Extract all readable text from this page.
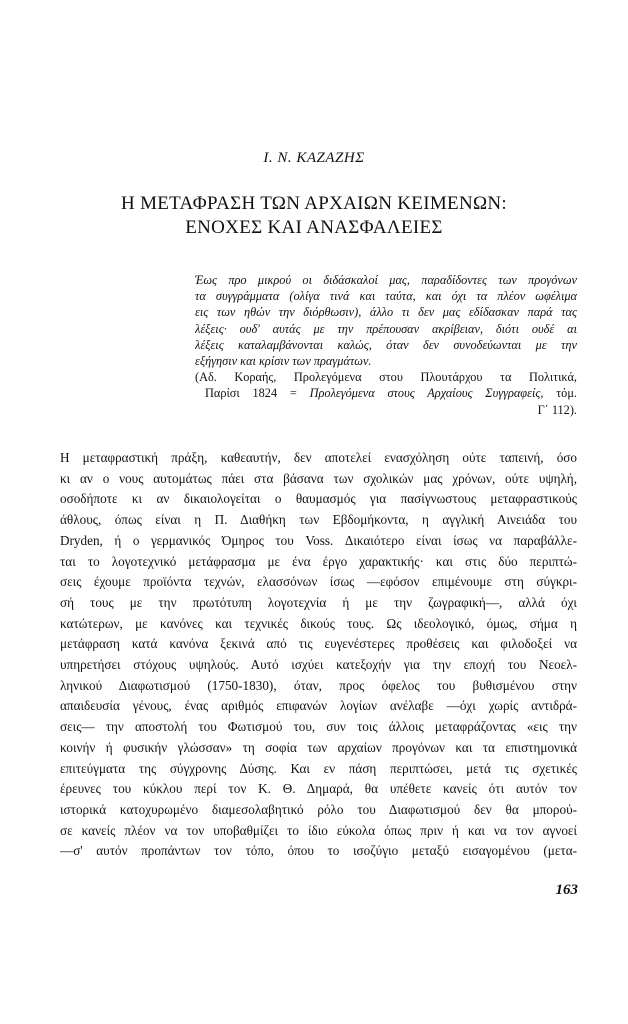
Ι. Ν. ΚΑΖΑΖΗΣ
Η ΜΕΤΑΦΡΑΣΗ ΤΩΝ ΑΡΧΑΙΩΝ ΚΕΙΜΕΝΩΝ:
ΕΝΟΧΕΣ ΚΑΙ ΑΝΑΣΦΑΛΕΙΕΣ
Έως προ μικρού οι διδάσκαλοί μας, παραδίδοντες των προγόνων
τα συγγράμματα (ολίγα τινά και ταύτα, και όχι τα πλέον ωφέλιμα
εις των ηθών την διόρθωσιν), άλλο τι δεν μας εδίδασκαν παρά τας
λέξεις· ουδ' αυτάς με την πρέπουσαν ακρίβειαν, διότι ουδέ αι
λέξεις καταλαμβάνονται καλώς, όταν δεν συνοδεύωνται με την
εξήγησιν και κρίσιν των πραγμάτων.
(Αδ. Κοραής, Προλεγόμενα στου Πλουτάρχου τα Πολιτικά,
Παρίσι 1824 = Προλεγόμενα στους Αρχαίους Συγγραφείς, τόμ.
Γ΄ 112).
Η μεταφραστική πράξη, καθεαυτήν, δεν αποτελεί ενασχόληση ούτε ταπεινή, όσο
κι αν ο νους αυτομάτως πάει στα βάσανα των σχολικών μας χρόνων, ούτε υψηλή,
οσοδήποτε κι αν δικαιολογείται ο θαυμασμός για πασίγνωστους μεταφραστικούς
άθλους, όπως είναι η Π. Διαθήκη των Εβδομήκοντα, η αγγλική Αινειάδα του
Dryden, ή ο γερμανικός Όμηρος του Voss. Δικαιότερο είναι ίσως να παραβάλλε-
ται το λογοτεχνικό μετάφρασμα με ένα έργο χαρακτικής· και στις δύο περιπτώ-
σεις έχουμε προϊόντα τεχνών, ελασσόνων ίσως —εφόσον επιμένουμε στη σύγκρι-
σή τους με την πρωτότυπη λογοτεχνία ή με την ζωγραφική—, αλλά όχι
κατώτερων, με κανόνες και τεχνικές δικούς τους. Ως ιδεολογικό, όμως, σήμα η
μετάφραση κατά κανόνα ξεκινά από τις ευγενέστερες προθέσεις και φιλοδοξεί να
υπηρετήσει στόχους υψηλούς. Αυτό ισχύει κατεξοχήν για την εποχή του Νεοελ-
ληνικού Διαφωτισμού (1750-1830), όταν, προς όφελος του βυθισμένου στην
απαιδευσία γένους, ένας αριθμός επιφανών λογίων ανέλαβε —όχι χωρίς αντιδρά-
σεις— την αποστολή του Φωτισμού του, συν τοις άλλοις μεταφράζοντας «εις την
κοινήν ή φυσικήν γλώσσαν» τη σοφία των αρχαίων προγόνων και τα επιστημονικά
επιτεύγματα της σύγχρονης Δύσης. Και εν πάση περιπτώσει, μετά τις σχετικές
έρευνες του κύκλου περί τον Κ. Θ. Δημαρά, θα υπέθετε κανείς ότι αυτόν τον
ιστορικά κατοχυρωμένο διαμεσολαβητικό ρόλο του Διαφωτισμού δεν θα μπορού-
σε κανείς πλέον να τον υποβαθμίζει το ίδιο εύκολα όπως πριν ή και να τον αγνοεί
—σ' αυτόν προπάντων τον τόπο, όπου το ισοζύγιο μεταξύ εισαγομένου (μετα-
163
